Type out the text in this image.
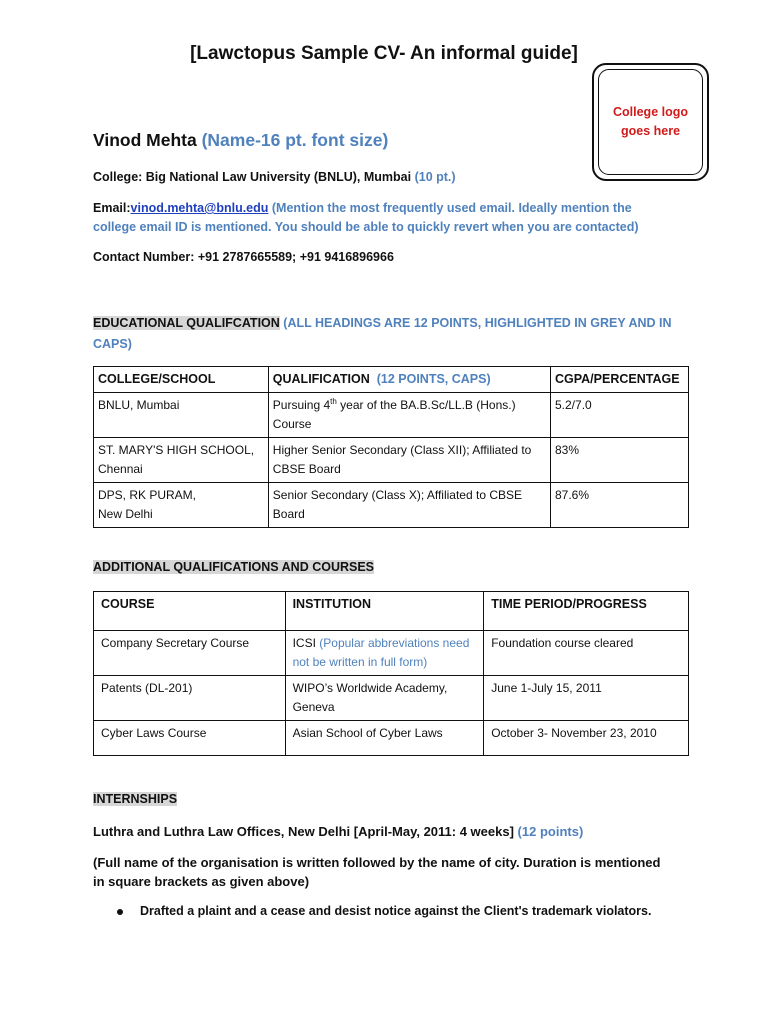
[Lawctopus Sample CV- An informal guide]
College logo
goes here
Vinod Mehta (Name-16 pt. font size)
College: Big National Law University (BNLU), Mumbai (10 pt.)
Email:vinod.mehta@bnlu.edu (Mention the most frequently used email. Ideally mention the college email ID is mentioned. You should be able to quickly revert when you are contacted)
Contact Number: +91 2787665589; +91 9416896966
EDUCATIONAL QUALIFCATION (ALL HEADINGS ARE 12 POINTS, HIGHLIGHTED IN GREY AND IN CAPS)
COLLEGE/SCHOOL	QUALIFICATION (12 POINTS, CAPS)	CGPA/PERCENTAGE
BNLU, Mumbai	Pursuing 4th year of the BA.B.Sc/LL.B (Hons.) Course	5.2/7.0
ST. MARY'S HIGH SCHOOL, Chennai	Higher Senior Secondary (Class XII); Affiliated to CBSE Board	83%
DPS, RK PURAM,
New Delhi	Senior Secondary (Class X); Affiliated to CBSE Board	87.6%
ADDITIONAL QUALIFICATIONS AND COURSES
COURSE	INSTITUTION	TIME PERIOD/PROGRESS
Company Secretary Course	ICSI (Popular abbreviations need not be written in full form)	Foundation course cleared
Patents (DL-201)	WIPO’s Worldwide Academy, Geneva	June 1-July 15, 2011
Cyber Laws Course	Asian School of Cyber Laws	October 3- November 23, 2010
INTERNSHIPS
Luthra and Luthra Law Offices, New Delhi [April-May, 2011: 4 weeks] (12 points)
(Full name of the organisation is written followed by the name of city. Duration is mentioned in square brackets as given above)
Drafted a plaint and a cease and desist notice against the Client's trademark violators.
